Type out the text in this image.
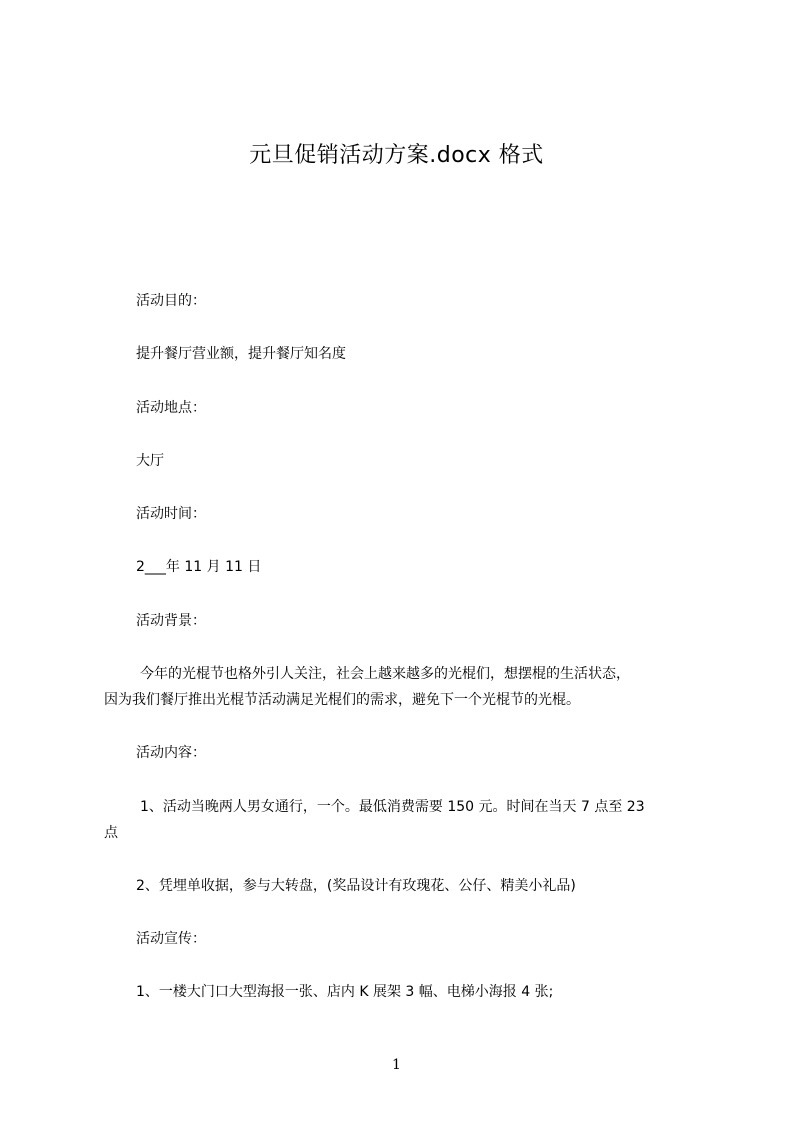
元旦促销活动方案.docx 格式
活动目的：
提升餐厅营业额，提升餐厅知名度
活动地点：
大厅
活动时间：
2___年 11 月 11 日
活动背景：
今年的光棍节也格外引人关注，社会上越来越多的光棍们，想摆棍的生活状态，
因为我们餐厅推出光棍节活动满足光棍们的需求，避免下一个光棍节的光棍。
活动内容：
1、活动当晚两人男女通行，一个。最低消费需要 150 元。时间在当天 7 点至 23
点
2、凭埋单收据，参与大转盘，(奖品设计有玫瑰花、公仔、精美小礼品)
活动宣传：
1、一楼大门口大型海报一张、店内 K 展架 3 幅、电梯小海报 4 张;
1
